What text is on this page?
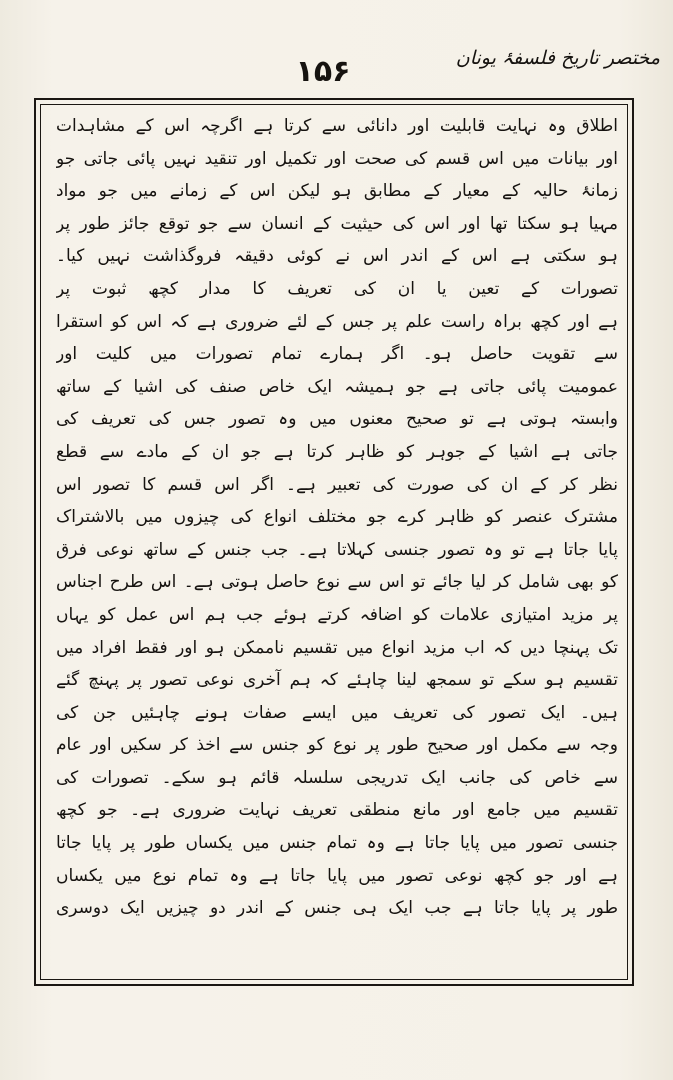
۱۵۶	مختصر تاریخ فلسفۂ یونان
اطلاق وہ نہایت قابلیت اور دانائی سے کرتا ہے اگرچہ اس کے مشاہدات
اور بیانات میں اس قسم کی صحت اور تکمیل اور تنقید نہیں پائی جاتی جو
زمانۂ حالیہ کے معیار کے مطابق ہو لیکن اس کے زمانے میں جو مواد
مہیا ہو سکتا تھا اور اس کی حیثیت کے انسان سے جو توقع جائز طور پر
ہو سکتی ہے اس کے اندر اس نے کوئی دقیقہ فروگذاشت نہیں کیا۔
تصورات کے تعین یا ان کی تعریف کا مدار کچھ ثبوت پر
ہے اور کچھ براہ راست علم پر جس کے لئے ضروری ہے کہ اس کو استقرا
سے تقویت حاصل ہو۔ اگر ہمارے تمام تصورات میں کلیت اور
عمومیت پائی جاتی ہے جو ہمیشہ ایک خاص صنف کی اشیا کے ساتھ
وابستہ ہوتی ہے تو صحیح معنوں میں وہ تصور جس کی تعریف کی
جاتی ہے اشیا کے جوہر کو ظاہر کرتا ہے جو ان کے مادے سے قطع
نظر کر کے ان کی صورت کی تعبیر ہے۔ اگر اس قسم کا تصور اس
مشترک عنصر کو ظاہر کرے جو مختلف انواع کی چیزوں میں بالاشتراک
پایا جاتا ہے تو وہ تصور جنسی کہلاتا ہے۔ جب جنس کے ساتھ نوعی فرق
کو بھی شامل کر لیا جائے تو اس سے نوع حاصل ہوتی ہے۔ اس طرح اجناس
پر مزید امتیازی علامات کو اضافہ کرتے ہوئے جب ہم اس عمل کو یہاں
تک پہنچا دیں کہ اب مزید انواع میں تقسیم ناممکن ہو اور فقط افراد میں
تقسیم ہو سکے تو سمجھ لینا چاہئے کہ ہم آخری نوعی تصور پر پہنچ گئے
ہیں۔ ایک تصور کی تعریف میں ایسے صفات ہونے چاہئیں جن کی
وجہ سے مکمل اور صحیح طور پر نوع کو جنس سے اخذ کر سکیں اور عام
سے خاص کی جانب ایک تدریجی سلسلہ قائم ہو سکے۔ تصورات کی
تقسیم میں جامع اور مانع منطقی تعریف نہایت ضروری ہے۔ جو کچھ
جنسی تصور میں پایا جاتا ہے وہ تمام جنس میں یکساں طور پر پایا جاتا
ہے اور جو کچھ نوعی تصور میں پایا جاتا ہے وہ تمام نوع میں یکساں
طور پر پایا جاتا ہے جب ایک ہی جنس کے اندر دو چیزیں ایک دوسری
